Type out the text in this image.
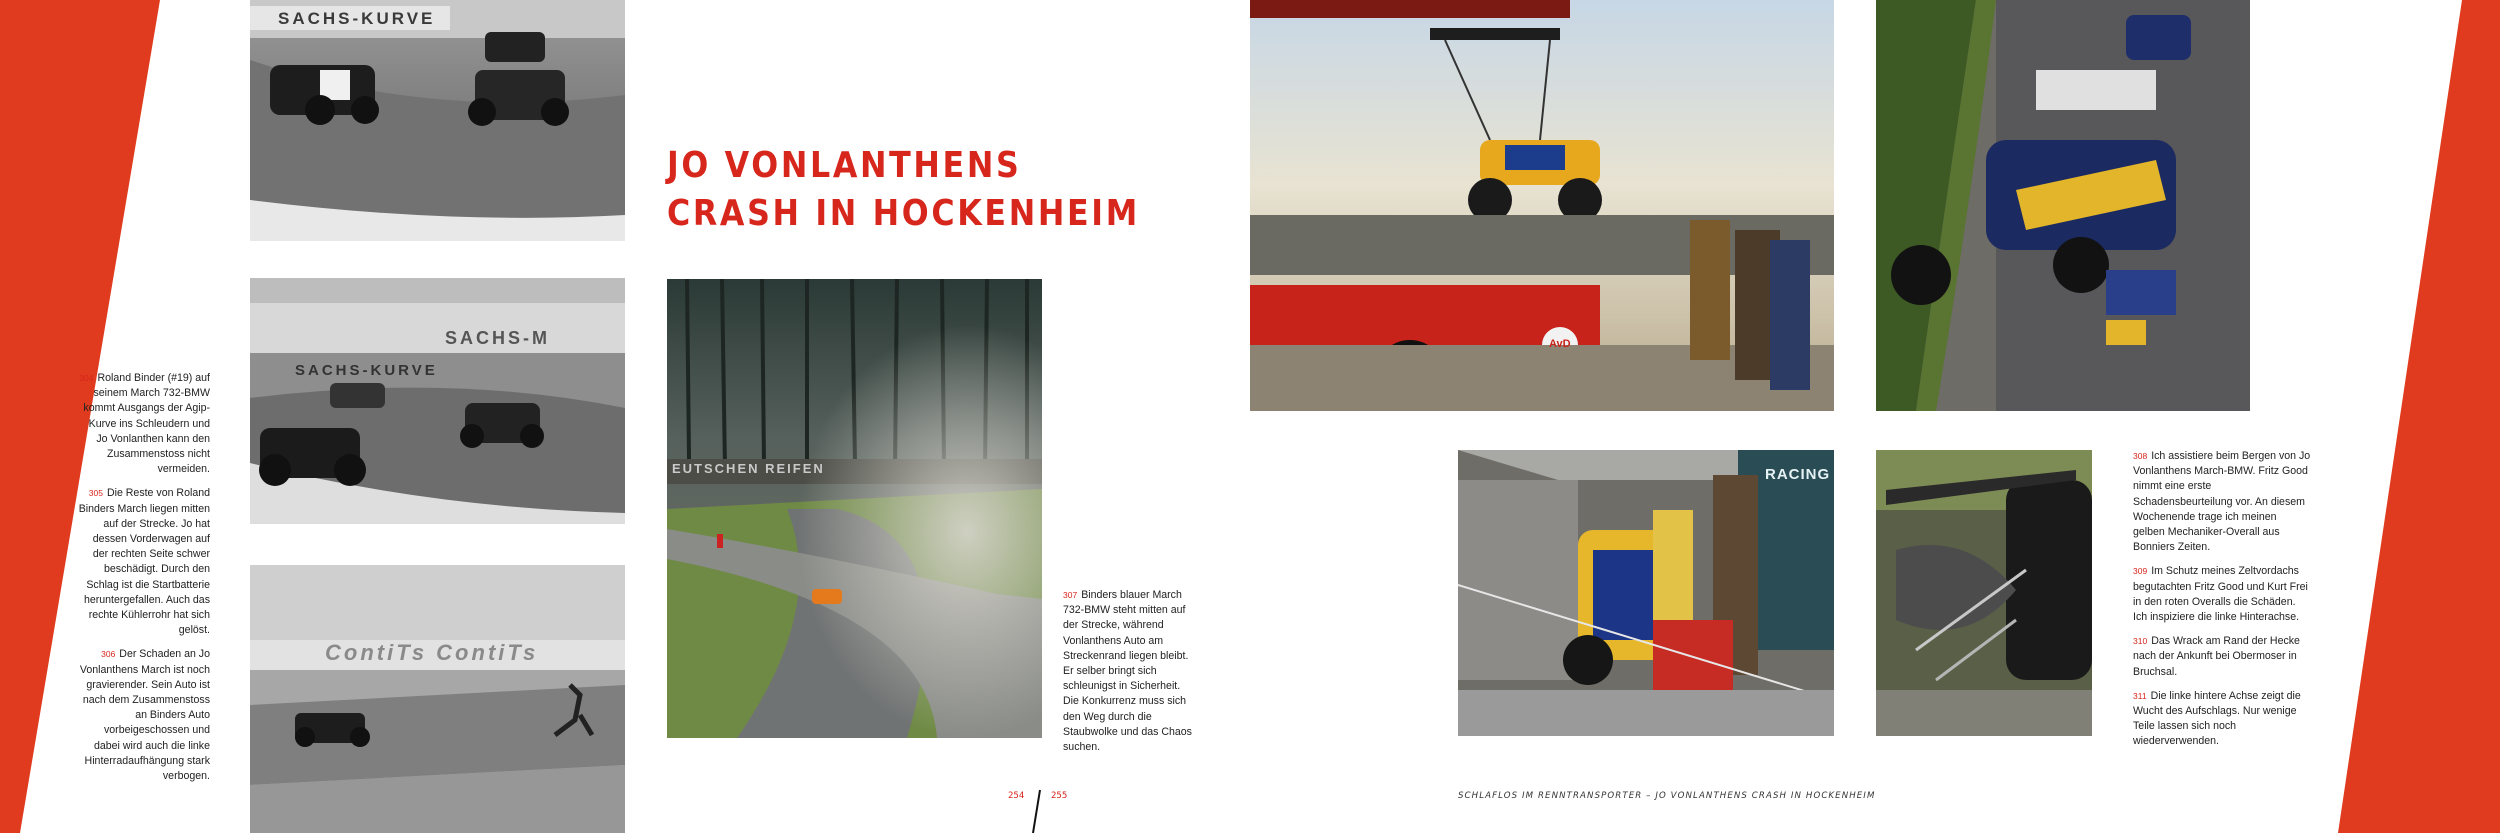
SACHS-KURVE
SACHS-M
SACHS-KURVE
ContiTs ContiTs
JO VONLANTHENS
CRASH IN HOCKENHEIM
EUTSCHEN REIFEN
AvD
RACING

304 Roland Binder (#19) auf seinem March 732-BMW kommt Ausgangs der Agip-Kurve ins Schleudern und Jo Vonlanthen kann den Zusammenstoss nicht vermeiden.

305 Die Reste von Roland Binders March liegen mitten auf der Strecke. Jo hat dessen Vorderwagen auf der rechten Seite schwer beschädigt. Durch den Schlag ist die Startbatterie heruntergefallen. Auch das rechte Kühlerrohr hat sich gelöst.

306 Der Schaden an Jo Vonlanthens March ist noch gravierender. Sein Auto ist nach dem Zusammenstoss an Binders Auto vorbeigeschossen und dabei wird auch die linke Hinterradaufhängung stark verbogen.

307 Binders blauer March 732-BMW steht mitten auf der Strecke, während Vonlanthens Auto am Streckenrand liegen bleibt. Er selber bringt sich schleunigst in Sicherheit. Die Konkurrenz muss sich den Weg durch die Staubwolke und das Chaos suchen.

308 Ich assistiere beim Bergen von Jo Vonlanthens March-BMW. Fritz Good nimmt eine erste Schadensbeurteilung vor. An diesem Wochenende trage ich meinen gelben Mechaniker-Overall aus Bonniers Zeiten.

309 Im Schutz meines Zeltvordachs begutachten Fritz Good und Kurt Frei in den roten Overalls die Schäden. Ich inspiziere die linke Hinterachse.

310 Das Wrack am Rand der Hecke nach der Ankunft bei Obermoser in Bruchsal.

311 Die linke hintere Achse zeigt die Wucht des Aufschlags. Nur wenige Teile lassen sich noch wiederverwenden.

254	255	SCHLAFLOS IM RENNTRANSPORTER – JO VONLANTHENS CRASH IN HOCKENHEIM
